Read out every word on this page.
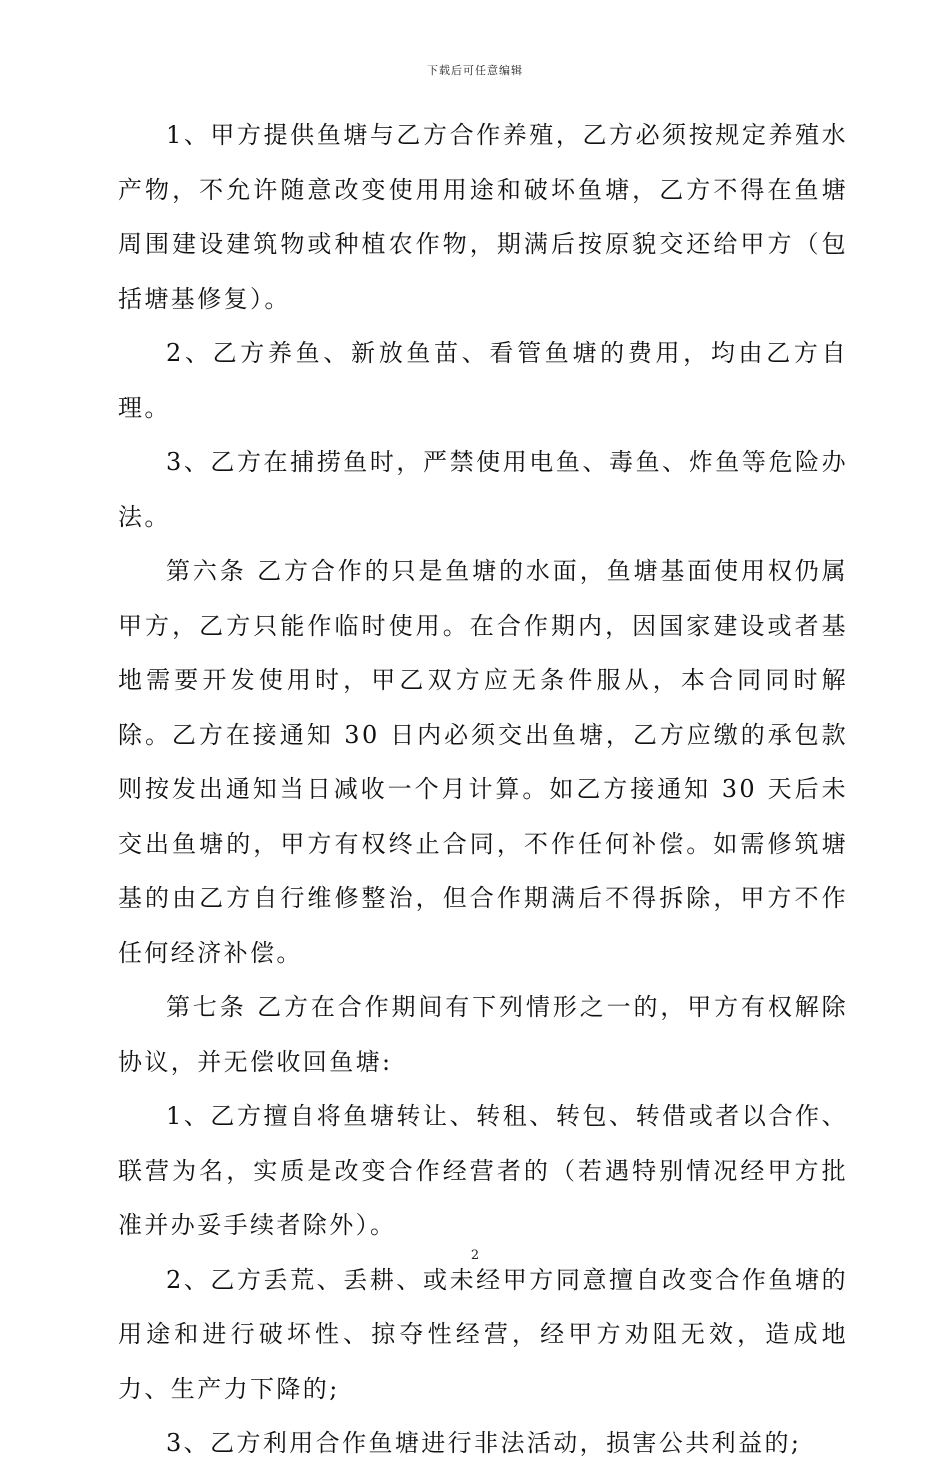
下载后可任意编辑

1、甲方提供鱼塘与乙方合作养殖，乙方必须按规定养殖水产物，不允许随意改变使用用途和破坏鱼塘，乙方不得在鱼塘周围建设建筑物或种植农作物，期满后按原貌交还给甲方（包括塘基修复）。

2、乙方养鱼、新放鱼苗、看管鱼塘的费用，均由乙方自理。

3、乙方在捕捞鱼时，严禁使用电鱼、毒鱼、炸鱼等危险办法。

第六条 乙方合作的只是鱼塘的水面，鱼塘基面使用权仍属甲方，乙方只能作临时使用。在合作期内，因国家建设或者基地需要开发使用时，甲乙双方应无条件服从，本合同同时解除。乙方在接通知 30 日内必须交出鱼塘，乙方应缴的承包款则按发出通知当日减收一个月计算。如乙方接通知 30 天后未交出鱼塘的，甲方有权终止合同，不作任何补偿。如需修筑塘基的由乙方自行维修整治，但合作期满后不得拆除，甲方不作任何经济补偿。

第七条 乙方在合作期间有下列情形之一的，甲方有权解除协议，并无偿收回鱼塘:

1、乙方擅自将鱼塘转让、转租、转包、转借或者以合作、联营为名，实质是改变合作经营者的（若遇特别情况经甲方批准并办妥手续者除外）。

2、乙方丢荒、丢耕、或未经甲方同意擅自改变合作鱼塘的用途和进行破坏性、掠夺性经营，经甲方劝阻无效，造成地力、生产力下降的;

3、乙方利用合作鱼塘进行非法活动，损害公共利益的;

2
